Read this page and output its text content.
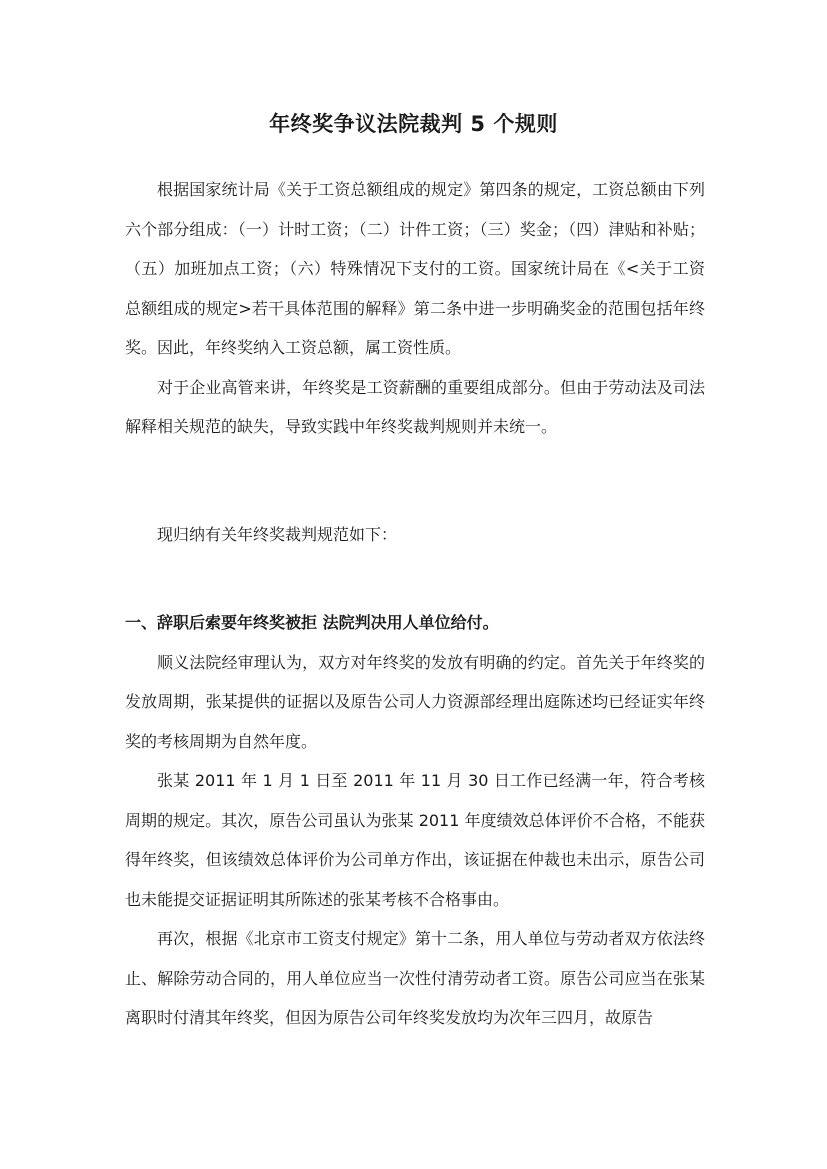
年终奖争议法院裁判 5 个规则

根据国家统计局《关于工资总额组成的规定》第四条的规定，工资总额由下列六个部分组成：（一）计时工资；（二）计件工资；（三）奖金；（四）津贴和补贴；（五）加班加点工资；（六）特殊情况下支付的工资。国家统计局在《<关于工资总额组成的规定>若干具体范围的解释》第二条中进一步明确奖金的范围包括年终奖。因此，年终奖纳入工资总额，属工资性质。

对于企业高管来讲，年终奖是工资薪酬的重要组成部分。但由于劳动法及司法解释相关规范的缺失，导致实践中年终奖裁判规则并未统一。

现归纳有关年终奖裁判规范如下：

一、辞职后索要年终奖被拒 法院判决用人单位给付。

顺义法院经审理认为，双方对年终奖的发放有明确的约定。首先关于年终奖的发放周期，张某提供的证据以及原告公司人力资源部经理出庭陈述均已经证实年终奖的考核周期为自然年度。

张某 2011 年 1 月 1 日至 2011 年 11 月 30 日工作已经满一年，符合考核周期的规定。其次，原告公司虽认为张某 2011 年度绩效总体评价不合格，不能获得年终奖，但该绩效总体评价为公司单方作出，该证据在仲裁也未出示，原告公司也未能提交证据证明其所陈述的张某考核不合格事由。

再次，根据《北京市工资支付规定》第十二条，用人单位与劳动者双方依法终止、解除劳动合同的，用人单位应当一次性付清劳动者工资。原告公司应当在张某离职时付清其年终奖，但因为原告公司年终奖发放均为次年三四月，故原告
